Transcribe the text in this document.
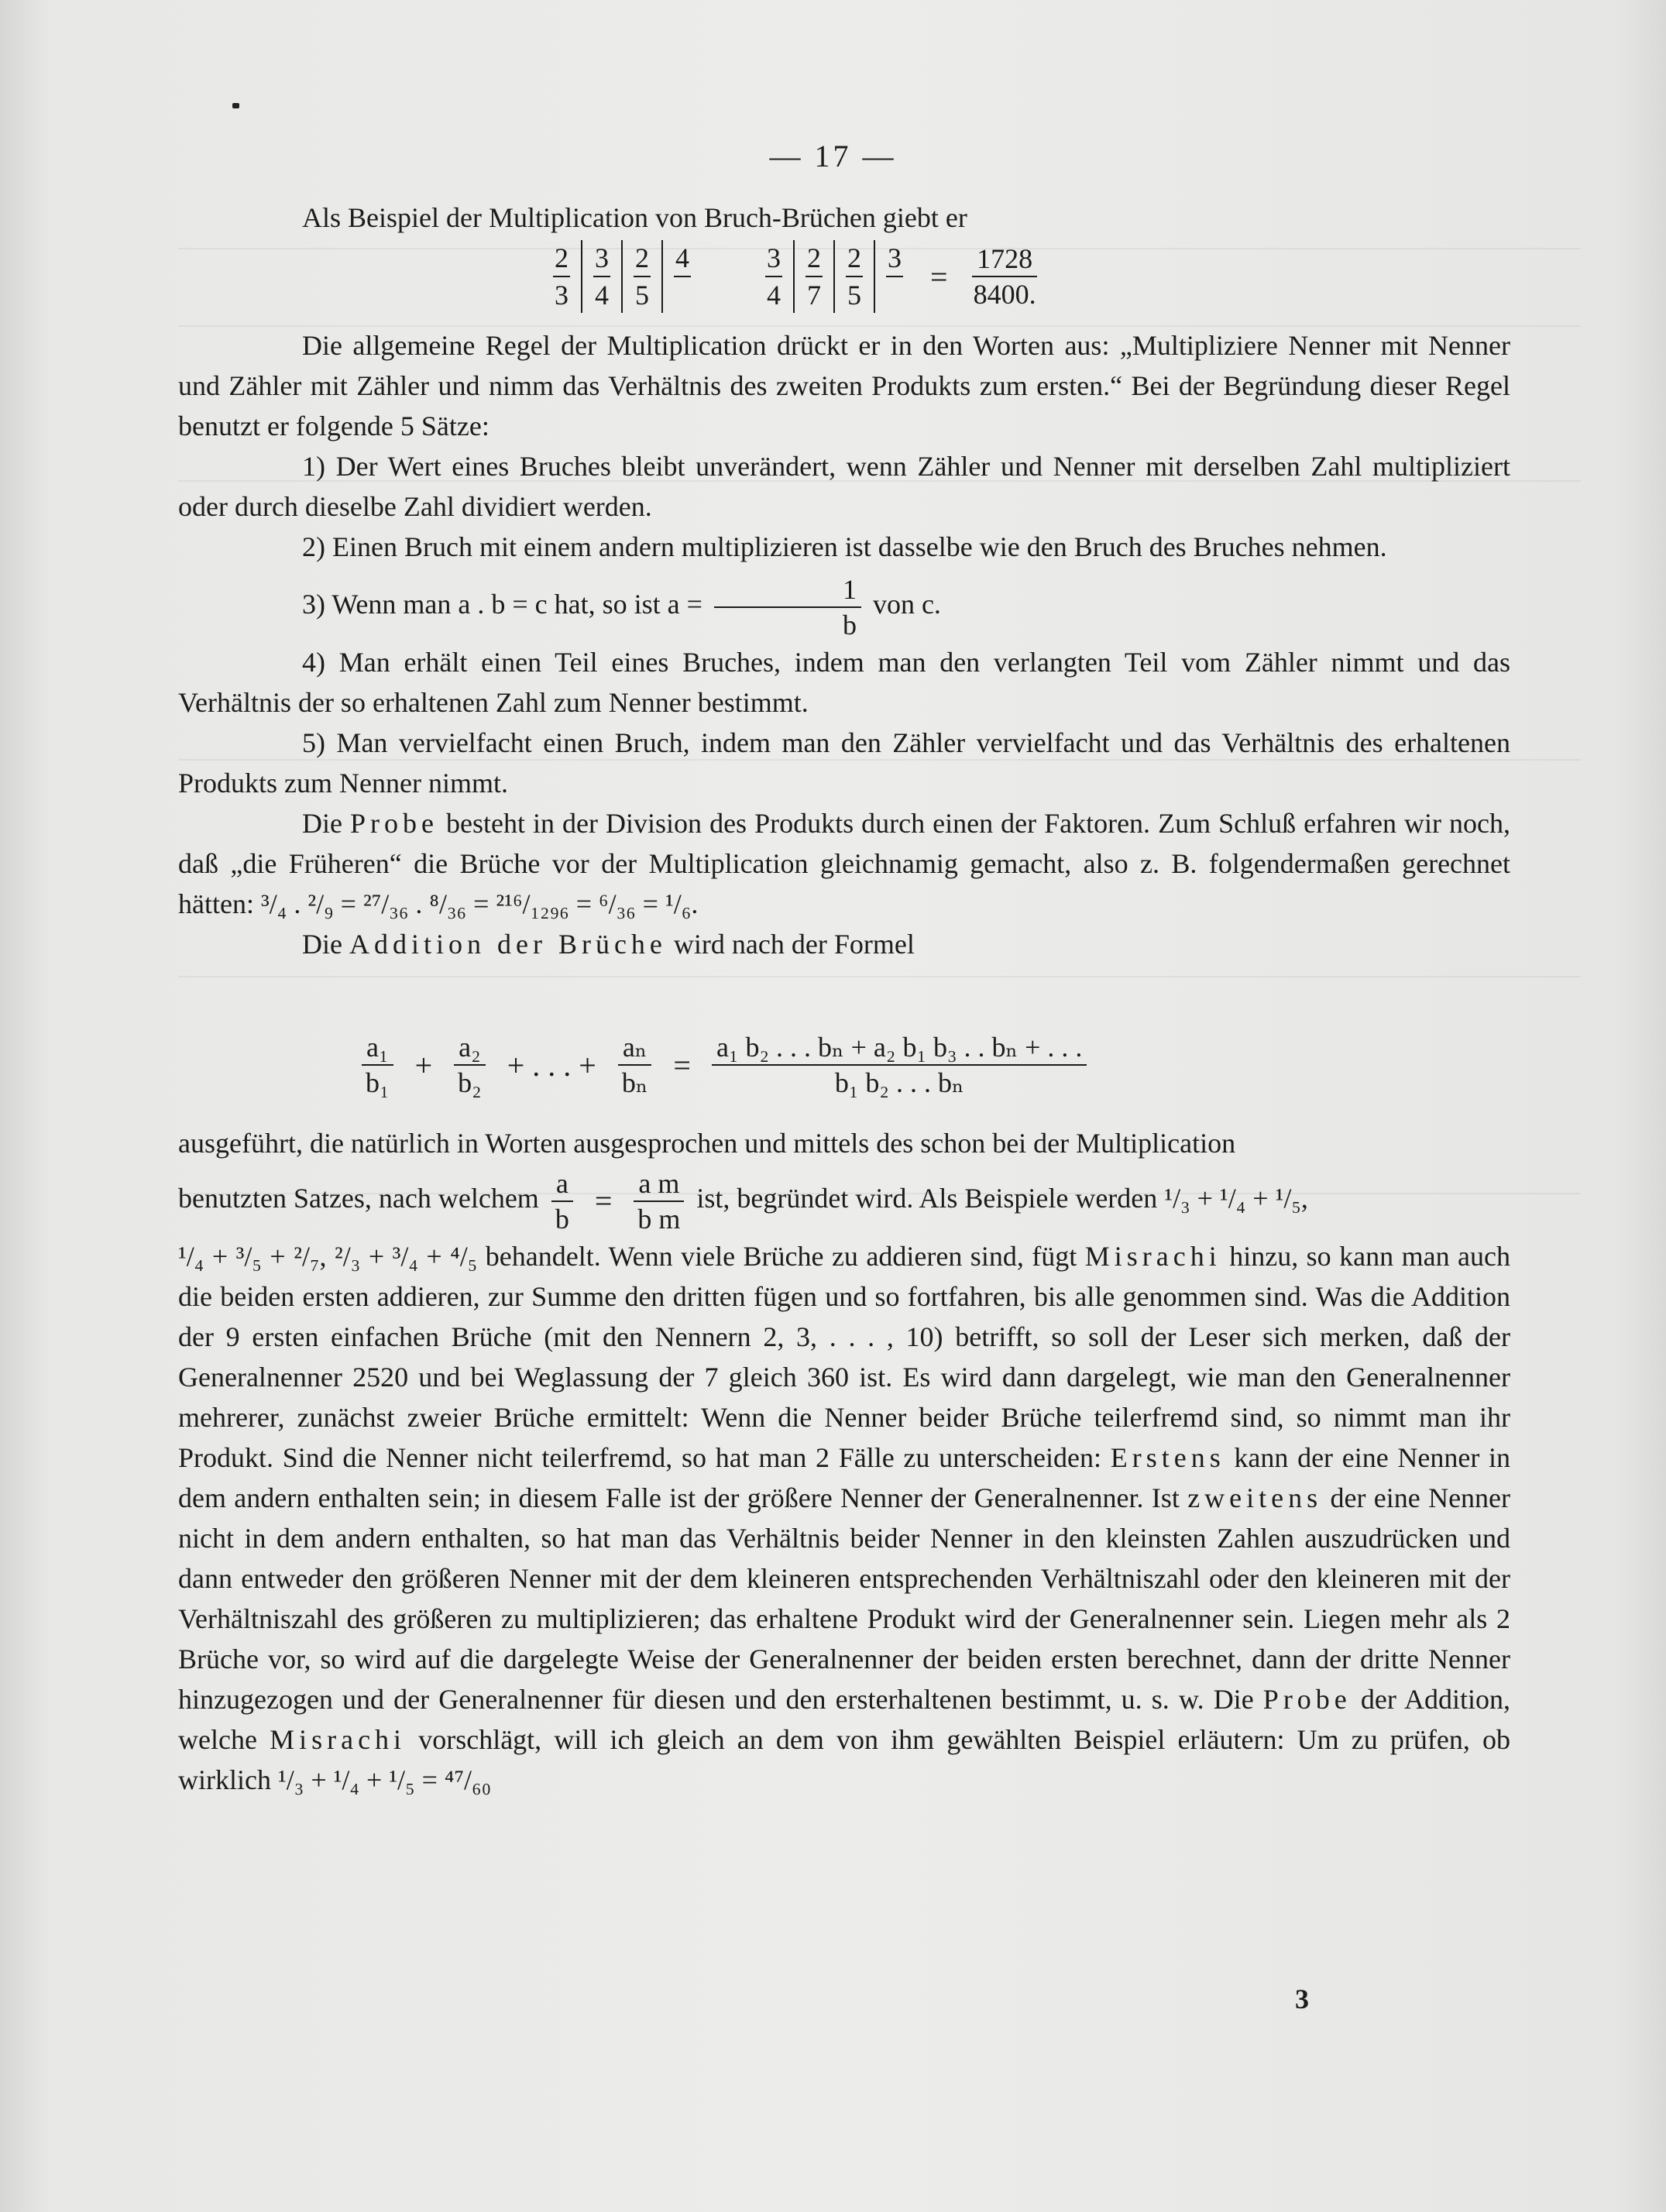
— 17 —

Als Beispiel der Multiplication von Bruch-Brüchen giebt er

$\frac{2}{3} \frac{3}{4} \frac{2}{5} 4$

$\frac{3}{4} \frac{2}{7} \frac{2}{5} 3$

= $\frac{1728}{8400.}$

Die allgemeine Regel der Multiplication drückt er in den Worten aus: „Multipliziere Nenner mit Nenner und Zähler mit Zähler und nimm das Verhältnis des zweiten Produkts zum ersten.“ Bei der Begründung dieser Regel benutzt er folgende 5 Sätze:

1) Der Wert eines Bruches bleibt unverändert, wenn Zähler und Nenner mit derselben Zahl multipliziert oder durch dieselbe Zahl dividiert werden.

2) Einen Bruch mit einem andern multiplizieren ist dasselbe wie den Bruch des Bruches nehmen.

3) Wenn man a . b = c hat, so ist $a = \frac{1}{b}$ von c.

4) Man erhält einen Teil eines Bruches, indem man den verlangten Teil vom Zähler nimmt und das Verhältnis der so erhaltenen Zahl zum Nenner bestimmt.

5) Man vervielfacht einen Bruch, indem man den Zähler vervielfacht und das Verhältnis des erhaltenen Produkts zum Nenner nimmt.

Die Probe besteht in der Division des Produkts durch einen der Faktoren. Zum Schluß erfahren wir noch, daß „die Früheren“ die Brüche vor der Multiplication gleichnamig gemacht, also z. B. folgendermaßen gerechnet hätten: ³/₄ . ²/₉ = ²⁷/₃₆ . ⁸/₃₆ = ²¹⁶/₁₂₉₆ = ⁶/₃₆ = ¹/₆.

Die Addition der Brüche wird nach der Formel

$\frac{\text{a₁}}{\text{b₁}} + \frac{\text{a₂}}{\text{b₂}}$ + . . . + $\frac{\text{aₙ}}{\text{bₙ}} = \frac{\text{a₁ b₂ . . . bₙ + a₂ b₁ b₃ . . bₙ + . . .}}{\text{b₁ b₂ . . . bₙ}}$

ausgeführt, die natürlich in Worten ausgesprochen und mittels des schon bei der Multiplication

benutzten Satzes, nach welchem $\frac{a}{b} = \frac{\text{a m}}{\text{b m}}$ ist, begründet wird. Als Beispiele werden ¹/₃ + ¹/₄ + ¹/₅,

¹/₄ + ³/₅ + ²/₇, ²/₃ + ³/₄ + ⁴/₅ behandelt. Wenn viele Brüche zu addieren sind, fügt Misrachi hinzu, so kann man auch die beiden ersten addieren, zur Summe den dritten fügen und so fortfahren, bis alle genommen sind. Was die Addition der 9 ersten einfachen Brüche (mit den Nennern 2, 3, . . . , 10) betrifft, so soll der Leser sich merken, daß der Generalnenner 2520 und bei Weglassung der 7 gleich 360 ist. Es wird dann dargelegt, wie man den Generalnenner mehrerer, zunächst zweier Brüche ermittelt: Wenn die Nenner beider Brüche teilerfremd sind, so nimmt man ihr Produkt. Sind die Nenner nicht teilerfremd, so hat man 2 Fälle zu unterscheiden: Erstens kann der eine Nenner in dem andern enthalten sein; in diesem Falle ist der größere Nenner der Generalnenner. Ist zweitens der eine Nenner nicht in dem andern enthalten, so hat man das Verhältnis beider Nenner in den kleinsten Zahlen auszudrücken und dann entweder den größeren Nenner mit der dem kleineren entsprechenden Verhältniszahl oder den kleineren mit der Verhältniszahl des größeren zu multiplizieren; das erhaltene Produkt wird der Generalnenner sein. Liegen mehr als 2 Brüche vor, so wird auf die dargelegte Weise der Generalnenner der beiden ersten berechnet, dann der dritte Nenner hinzugezogen und der Generalnenner für diesen und den ersterhaltenen bestimmt, u. s. w. Die Probe der Addition, welche Misrachi vorschlägt, will ich gleich an dem von ihm gewählten Beispiel erläutern: Um zu prüfen, ob wirklich ¹/₃ + ¹/₄ + ¹/₅ = ⁴⁷/₆₀

3
